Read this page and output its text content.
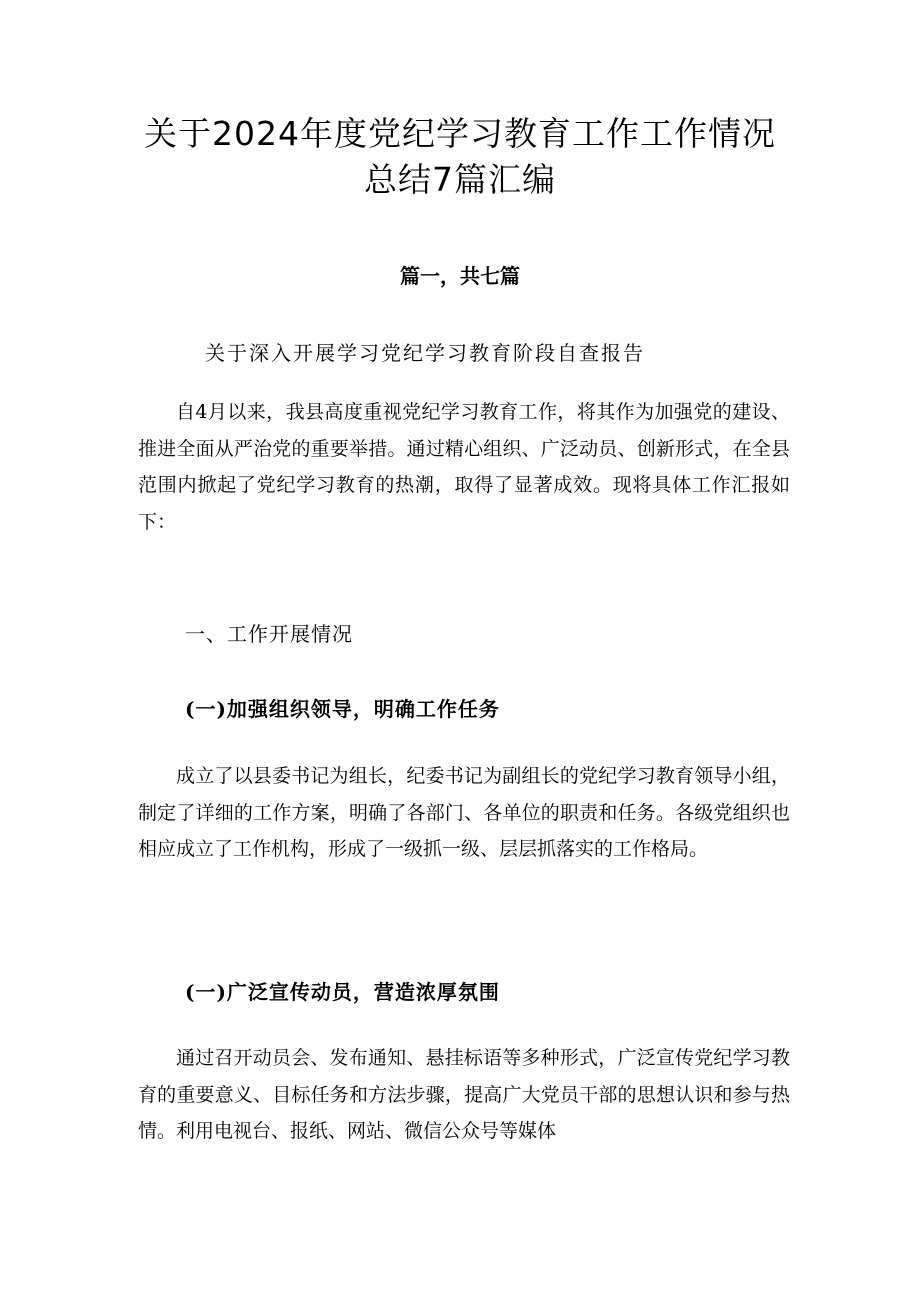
关于2024年度党纪学习教育工作工作情况
总结7篇汇编
篇一，共七篇
关于深入开展学习党纪学习教育阶段自查报告

自4月以来，我县高度重视党纪学习教育工作，将其作为加强党的建设、推进全面从严治党的重要举措。通过精心组织、广泛动员、创新形式，在全县范围内掀起了党纪学习教育的热潮，取得了显著成效。现将具体工作汇报如下：

一、工作开展情况
(一)加强组织领导，明确工作任务

成立了以县委书记为组长，纪委书记为副组长的党纪学习教育领导小组，制定了详细的工作方案，明确了各部门、各单位的职责和任务。各级党组织也相应成立了工作机构，形成了一级抓一级、层层抓落实的工作格局。

(一)广泛宣传动员，营造浓厚氛围

通过召开动员会、发布通知、悬挂标语等多种形式，广泛宣传党纪学习教育的重要意义、目标任务和方法步骤，提高广大党员干部的思想认识和参与热情。利用电视台、报纸、网站、微信公众号等媒体
